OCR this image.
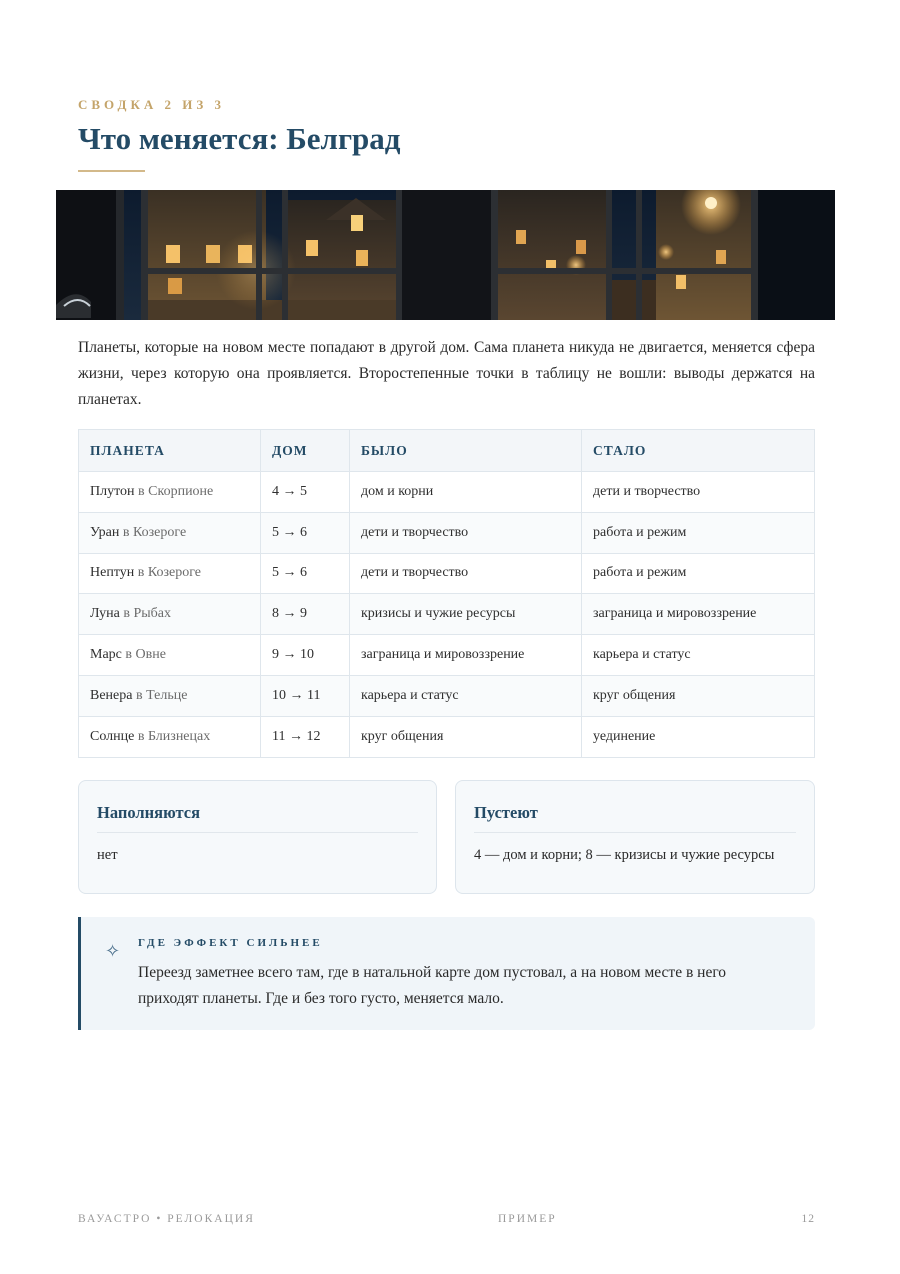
СВОДКА 2 ИЗ 3
Что меняется: Белград

Планеты, которые на новом месте попадают в другой дом. Сама планета никуда не двигается, меняется сфера жизни, через которую она проявляется. Второстепенные точки в таблицу не вошли: выводы держатся на планетах.

ПЛАНЕТА	ДОМ	БЫЛО	СТАЛО
Плутон в Скорпионе	4 → 5	дом и корни	дети и творчество
Уран в Козероге	5 → 6	дети и творчество	работа и режим
Нептун в Козероге	5 → 6	дети и творчество	работа и режим
Луна в Рыбах	8 → 9	кризисы и чужие ресурсы	заграница и мировоззрение
Марс в Овне	9 → 10	заграница и мировоззрение	карьера и статус
Венера в Тельце	10 → 11	карьера и статус	круг общения
Солнце в Близнецах	11 → 12	круг общения	уединение
Наполняются
нет
Пустеют
4 — дом и корни; 8 — кризисы и чужие ресурсы
✧ ГДЕ ЭФФЕКТ СИЛЬНЕЕ
Переезд заметнее всего там, где в натальной карте дом пустовал, а на новом месте в него приходят планеты. Где и без того густо, меняется мало.
ВАУАСТРО • РЕЛОКАЦИЯ	ПРИМЕР	12
